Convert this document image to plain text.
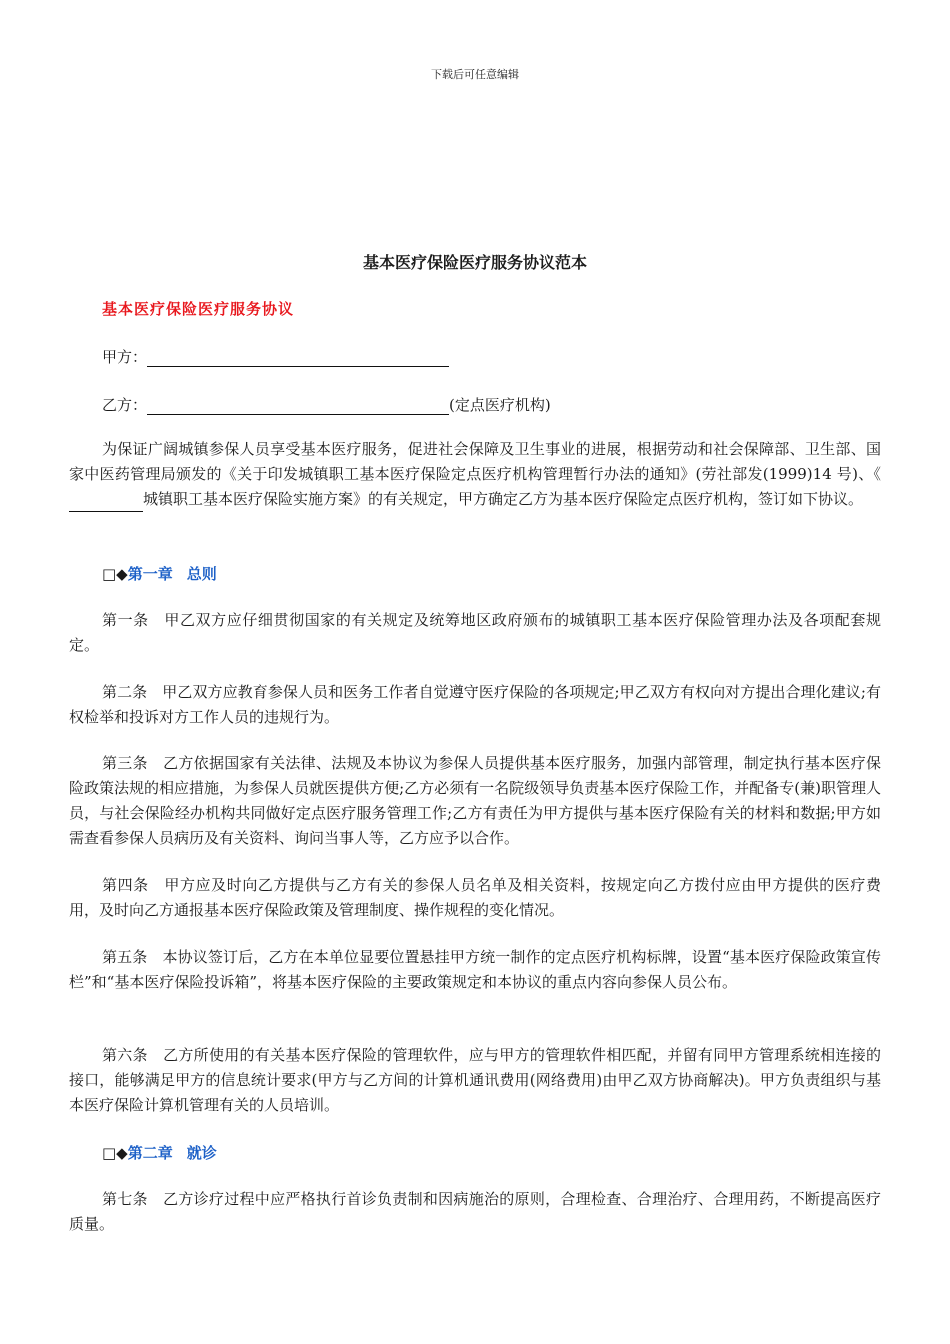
下载后可任意编辑
基本医疗保险医疗服务协议范本
基本医疗保险医疗服务协议
甲方：
乙方：	(定点医疗机构)
为保证广阔城镇参保人员享受基本医疗服务，促进社会保障及卫生事业的进展，根据劳动和社会保障部、卫生部、国家中医药管理局颁发的《关于印发城镇职工基本医疗保险定点医疗机构管理暂行办法的通知》(劳社部发(1999)14 号)、《城镇职工基本医疗保险实施方案》的有关规定，甲方确定乙方为基本医疗保险定点医疗机构，签订如下协议。
□◆第一章 总则
第一条　甲乙双方应仔细贯彻国家的有关规定及统筹地区政府颁布的城镇职工基本医疗保险管理办法及各项配套规定。
第二条　甲乙双方应教育参保人员和医务工作者自觉遵守医疗保险的各项规定;甲乙双方有权向对方提出合理化建议;有权检举和投诉对方工作人员的违规行为。
第三条　乙方依据国家有关法律、法规及本协议为参保人员提供基本医疗服务，加强内部管理，制定执行基本医疗保险政策法规的相应措施，为参保人员就医提供方便;乙方必须有一名院级领导负责基本医疗保险工作，并配备专(兼)职管理人员，与社会保险经办机构共同做好定点医疗服务管理工作;乙方有责任为甲方提供与基本医疗保险有关的材料和数据;甲方如需查看参保人员病历及有关资料、询问当事人等，乙方应予以合作。
第四条　甲方应及时向乙方提供与乙方有关的参保人员名单及相关资料，按规定向乙方拨付应由甲方提供的医疗费用，及时向乙方通报基本医疗保险政策及管理制度、操作规程的变化情况。
第五条　本协议签订后，乙方在本单位显要位置悬挂甲方统一制作的定点医疗机构标牌，设置“基本医疗保险政策宣传栏”和“基本医疗保险投诉箱”，将基本医疗保险的主要政策规定和本协议的重点内容向参保人员公布。
第六条　乙方所使用的有关基本医疗保险的管理软件，应与甲方的管理软件相匹配，并留有同甲方管理系统相连接的接口，能够满足甲方的信息统计要求(甲方与乙方间的计算机通讯费用(网络费用)由甲乙双方协商解决)。甲方负责组织与基本医疗保险计算机管理有关的人员培训。
□◆第二章 就诊
第七条　乙方诊疗过程中应严格执行首诊负责制和因病施治的原则，合理检查、合理治疗、合理用药，不断提高医疗质量。
